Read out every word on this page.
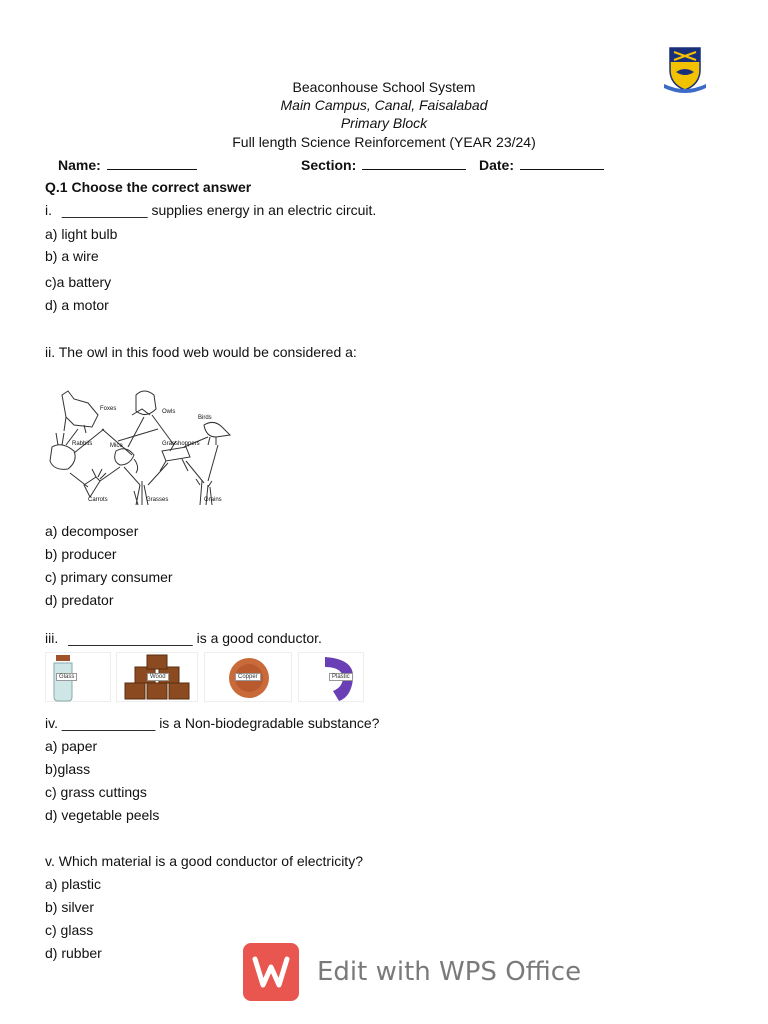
Beaconhouse School System
Main Campus, Canal, Faisalabad
Primary Block
Full length Science Reinforcement (YEAR 23/24)
Name:	Section:	Date:
Q.1 Choose the correct answer
i. ___________ supplies energy in an electric circuit.
a) light bulb
b) a wire
c)a battery
d) a motor
ii. The owl in this food web would be considered a:
Foxes	Owls
Birds
Rabbits	Mice	Grasshoppers
Carrots	Grasses	Grains
a) decomposer
b) producer
c) primary consumer
d) predator
iii. ________________ is a good conductor.
Glass	Wood	Copper	Plastic
iv. ____________ is a Non-biodegradable substance?
a) paper
b)glass
c) grass cuttings
d) vegetable peels
v. Which material is a good conductor of electricity?
a) plastic
b) silver
c) glass
d) rubber
Edit with WPS Office
